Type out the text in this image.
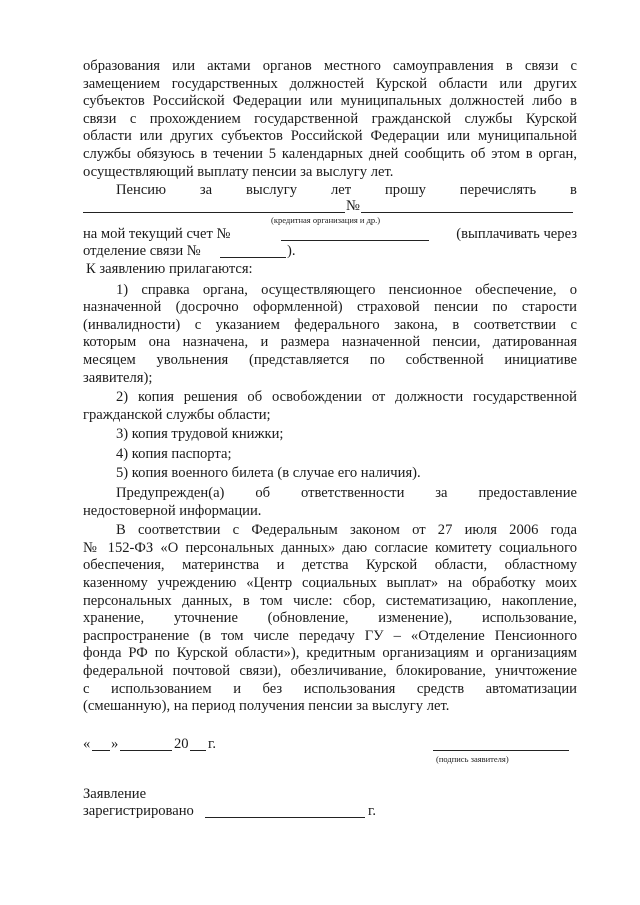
образования или актами органов местного самоуправления в связи с
замещением государственных должностей Курской области или других
субъектов Российской Федерации или муниципальных должностей либо в
связи с прохождением государственной гражданской службы Курской
области или других субъектов Российской Федерации или муниципальной
службы обязуюсь в течении 5 календарных дней сообщить об этом в орган,
осуществляющий выплату пенсии за выслугу лет.
Пенсию за выслугу лет прошу перечислять в
№
(кредитная организация и др.)
на мой текущий счет №	(выплачивать через
отделение связи №	).
К заявлению прилагаются:
1) справка органа, осуществляющего пенсионное обеспечение, о
назначенной (досрочно оформленной) страховой пенсии по старости
(инвалидности) с указанием федерального закона, в соответствии с
которым она назначена, и размера назначенной пенсии, датированная
месяцем увольнения (представляется по собственной инициативе
заявителя);
2) копия решения об освобождении от должности государственной
гражданской службы области;
3) копия трудовой книжки;
4) копия паспорта;
5) копия военного билета (в случае его наличия).
Предупрежден(а) об ответственности за предоставление
недостоверной информации.
В соответствии с Федеральным законом от 27 июля 2006 года
№ 152-ФЗ «О персональных данных» даю согласие комитету социального
обеспечения, материнства и детства Курской области, областному
казенному учреждению «Центр социальных выплат» на обработку моих
персональных данных, в том числе: сбор, систематизацию, накопление,
хранение, уточнение (обновление, изменение), использование,
распространение (в том числе передачу ГУ – «Отделение Пенсионного
фонда РФ по Курской области»), кредитным организациям и организациям
федеральной почтовой связи), обезличивание, блокирование, уничтожение
с использованием и без использования средств автоматизации
(смешанную), на период получения пенсии за выслугу лет.
« »	20 г.
(подпись заявителя)
Заявление
зарегистрировано	г.
